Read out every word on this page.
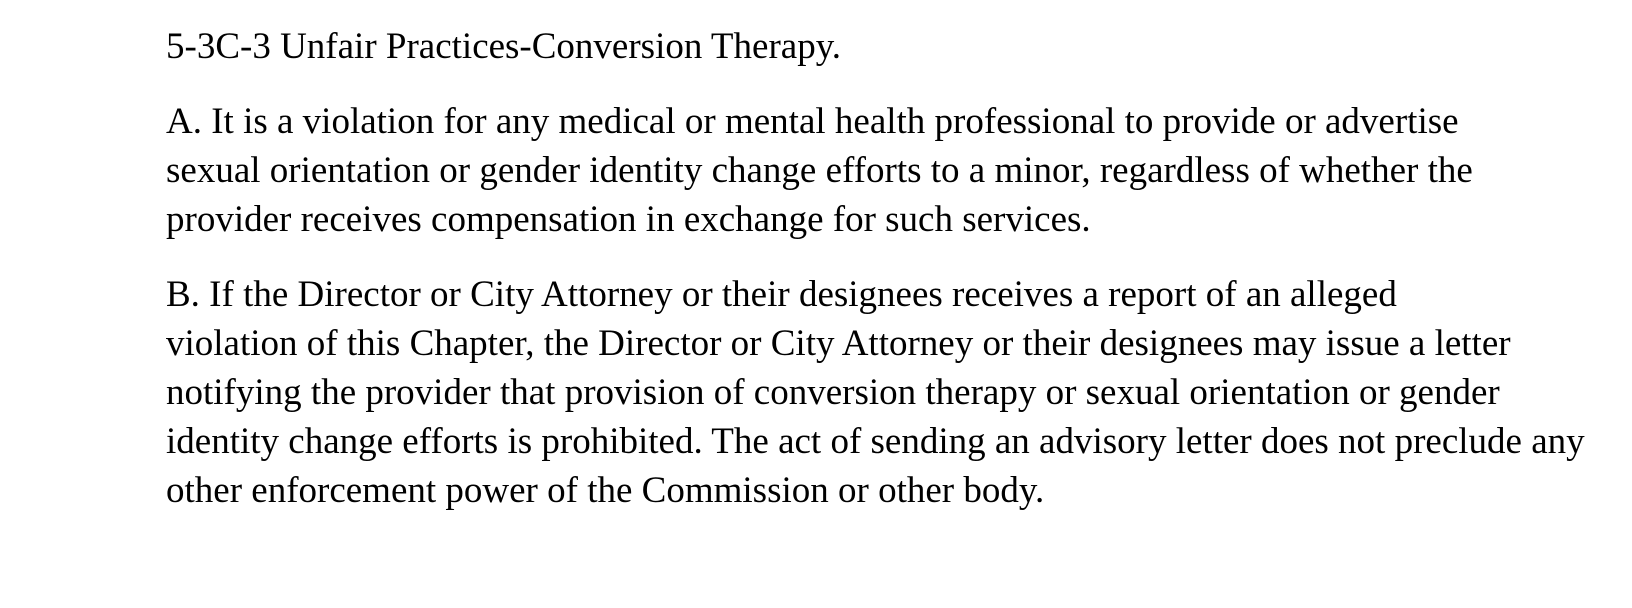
5-3C-3 Unfair Practices-Conversion Therapy.
A. It is a violation for any medical or mental health professional to provide or advertise
sexual orientation or gender identity change efforts to a minor, regardless of whether the
provider receives compensation in exchange for such services.
B. If the Director or City Attorney or their designees receives a report of an alleged
violation of this Chapter, the Director or City Attorney or their designees may issue a letter
notifying the provider that provision of conversion therapy or sexual orientation or gender
identity change efforts is prohibited. The act of sending an advisory letter does not preclude any
other enforcement power of the Commission or other body.
